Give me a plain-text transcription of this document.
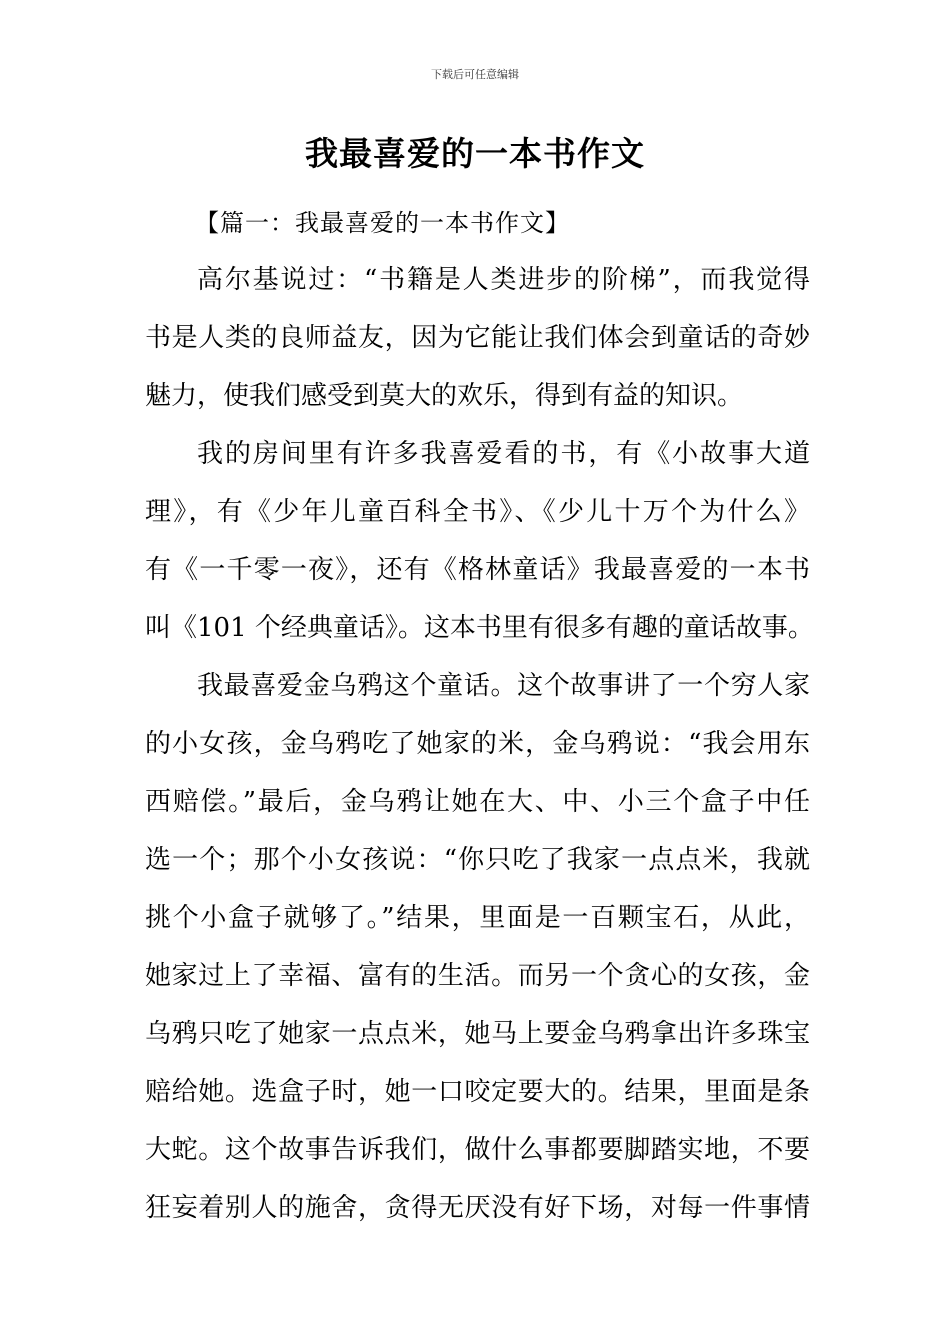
下载后可任意编辑
我最喜爱的一本书作文
【篇一：我最喜爱的一本书作文】
高尔基说过：“书籍是人类进步的阶梯”，而我觉得
书是人类的良师益友，因为它能让我们体会到童话的奇妙
魅力，使我们感受到莫大的欢乐，得到有益的知识。
我的房间里有许多我喜爱看的书，有《小故事大道
理》，有《少年儿童百科全书》、《少儿十万个为什么》
有《一千零一夜》，还有《格林童话》我最喜爱的一本书
叫《101 个经典童话》。这本书里有很多有趣的童话故事。
我最喜爱金乌鸦这个童话。这个故事讲了一个穷人家
的小女孩，金乌鸦吃了她家的米，金乌鸦说：“我会用东
西赔偿。”最后，金乌鸦让她在大、中、小三个盒子中任
选一个；那个小女孩说：“你只吃了我家一点点米，我就
挑个小盒子就够了。”结果，里面是一百颗宝石，从此，
她家过上了幸福、富有的生活。而另一个贪心的女孩，金
乌鸦只吃了她家一点点米，她马上要金乌鸦拿出许多珠宝
赔给她。选盒子时，她一口咬定要大的。结果，里面是条
大蛇。这个故事告诉我们，做什么事都要脚踏实地，不要
狂妄着别人的施舍，贪得无厌没有好下场，对每一件事情
